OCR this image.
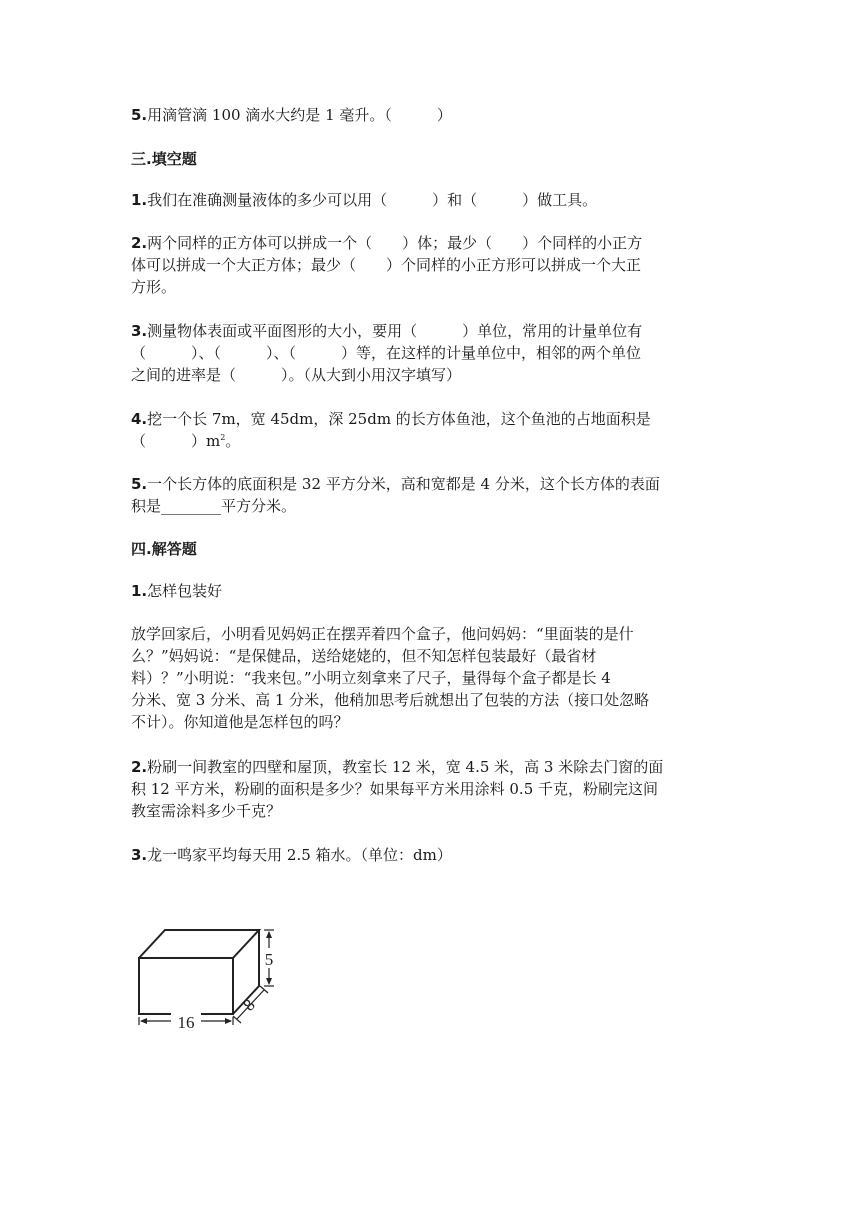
5.用滴管滴 100 滴水大约是 1 毫升。（　　　）
三.填空题
1.我们在准确测量液体的多少可以用（　　　）和（　　　）做工具。
2.两个同样的正方体可以拼成一个（　　）体；最少（　　）个同样的小正方
体可以拼成一个大正方体；最少（　　）个同样的小正方形可以拼成一个大正
方形。
3.测量物体表面或平面图形的大小，要用（　　　）单位，常用的计量单位有
（　　　）、（　　　）、（　　　）等，在这样的计量单位中，相邻的两个单位
之间的进率是（　　　）。（从大到小用汉字填写）
4.挖一个长 7m，宽 45dm，深 25dm 的长方体鱼池，这个鱼池的占地面积是
（　　　）$m^2$。
5.一个长方体的底面积是 32 平方分米，高和宽都是 4 分米，这个长方体的表面
积是________平方分米。
四.解答题
1.怎样包装好
放学回家后，小明看见妈妈正在摆弄着四个盒子，他问妈妈：“里面装的是什
么？”妈妈说：“是保健品，送给姥姥的，但不知怎样包装最好（最省材
料）？”小明说：“我来包。”小明立刻拿来了尺子，量得每个盒子都是长 4
分米、宽 3 分米、高 1 分米，他稍加思考后就想出了包装的方法（接口处忽略
不计）。你知道他是怎样包的吗？
2.粉刷一间教室的四壁和屋顶，教室长 12 米，宽 4.5 米，高 3 米除去门窗的面
积 12 平方米，粉刷的面积是多少？如果每平方米用涂料 0.5 千克，粉刷完这间
教室需涂料多少千克？
3.龙一鸣家平均每天用 2.5 箱水。（单位：dm）
5
8
16
